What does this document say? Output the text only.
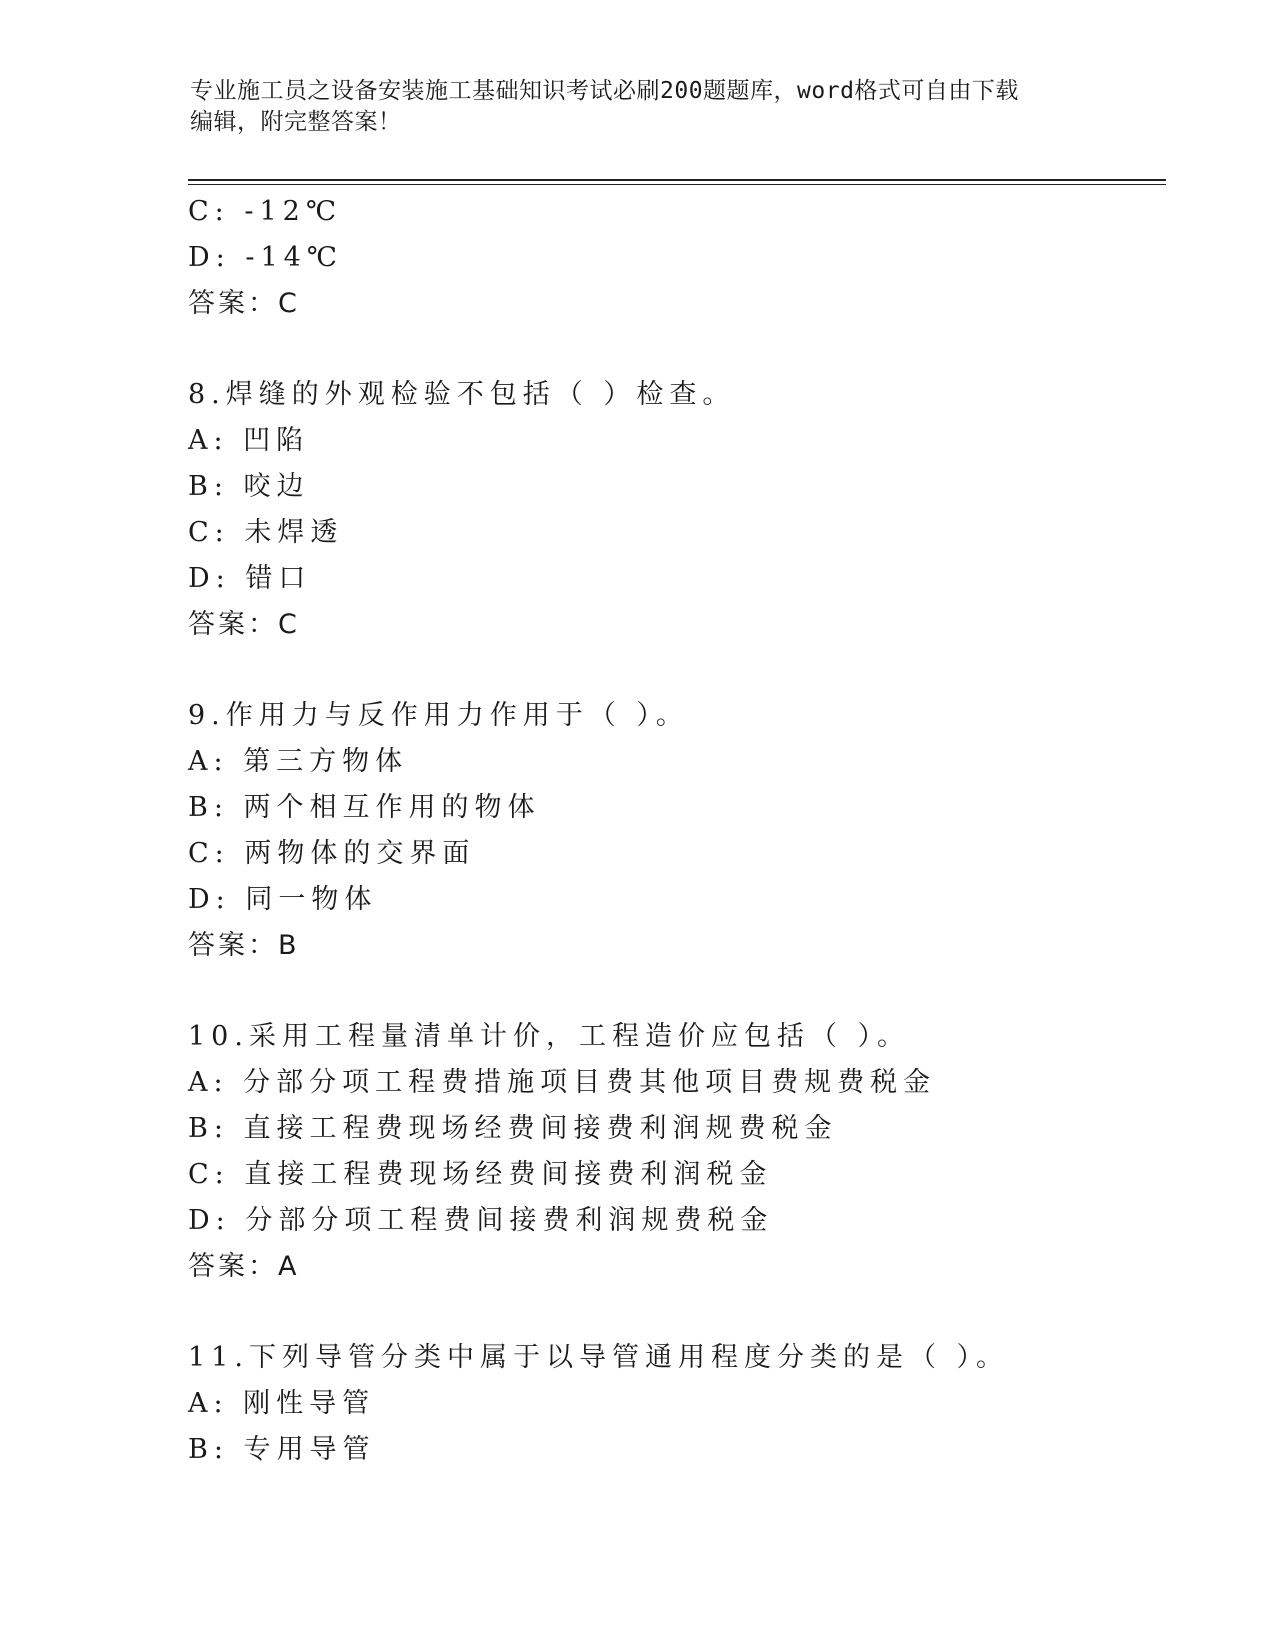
专业施工员之设备安装施工基础知识考试必刷200题题库，word格式可自由下载
编辑，附完整答案！
C: -12℃
D: -14℃
答案：C
8.焊缝的外观检验不包括（ ）检查。
A: 凹陷
B: 咬边
C: 未焊透
D: 错口
答案：C
9.作用力与反作用力作用于（ ）。
A: 第三方物体
B: 两个相互作用的物体
C: 两物体的交界面
D: 同一物体
答案：B
10.采用工程量清单计价，工程造价应包括（ ）。
A: 分部分项工程费措施项目费其他项目费规费税金
B: 直接工程费现场经费间接费利润规费税金
C: 直接工程费现场经费间接费利润税金
D: 分部分项工程费间接费利润规费税金
答案：A
11.下列导管分类中属于以导管通用程度分类的是（ ）。
A: 刚性导管
B: 专用导管
